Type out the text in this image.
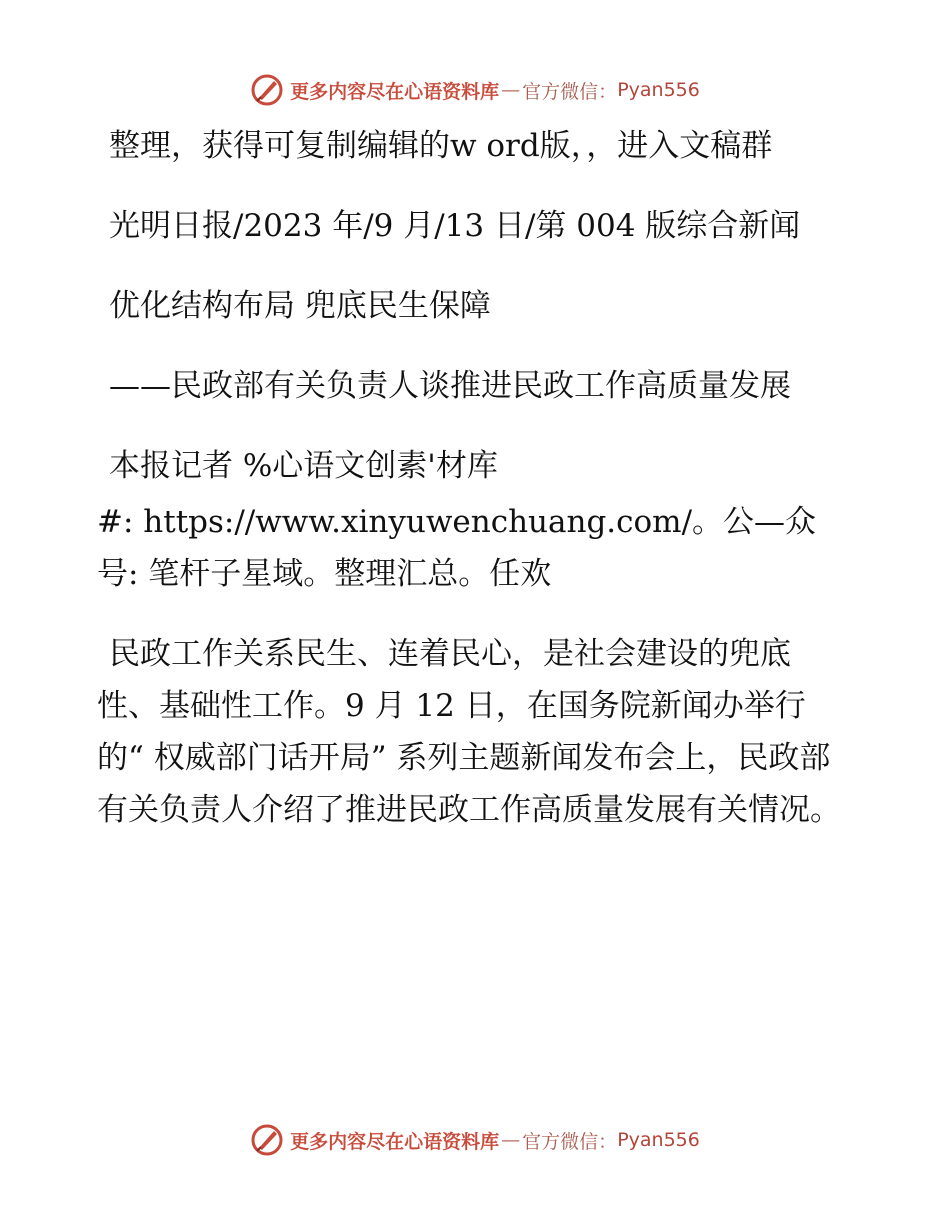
更多内容尽在心语资料库 — 官方微信： Pyan556

整理，获得可复制编辑的w ord版，，进入文稿群

光明日报/2023 年/9 月/13 日/第 004 版综合新闻

优化结构布局 兜底民生保障

——民政部有关负责人谈推进民政工作高质量发展

本报记者 %心语文创素'材库

#: https://www.xinyuwenchuang.com/。公—众号: 笔杆子星域。整理汇总。任欢

民政工作关系民生、连着民心，是社会建设的兜底性、基础性工作。9 月 12 日，在国务院新闻办举行的“ 权威部门话开局” 系列主题新闻发布会上，民政部有关负责人介绍了推进民政工作高质量发展有关情况。

更多内容尽在心语资料库 — 官方微信： Pyan556
